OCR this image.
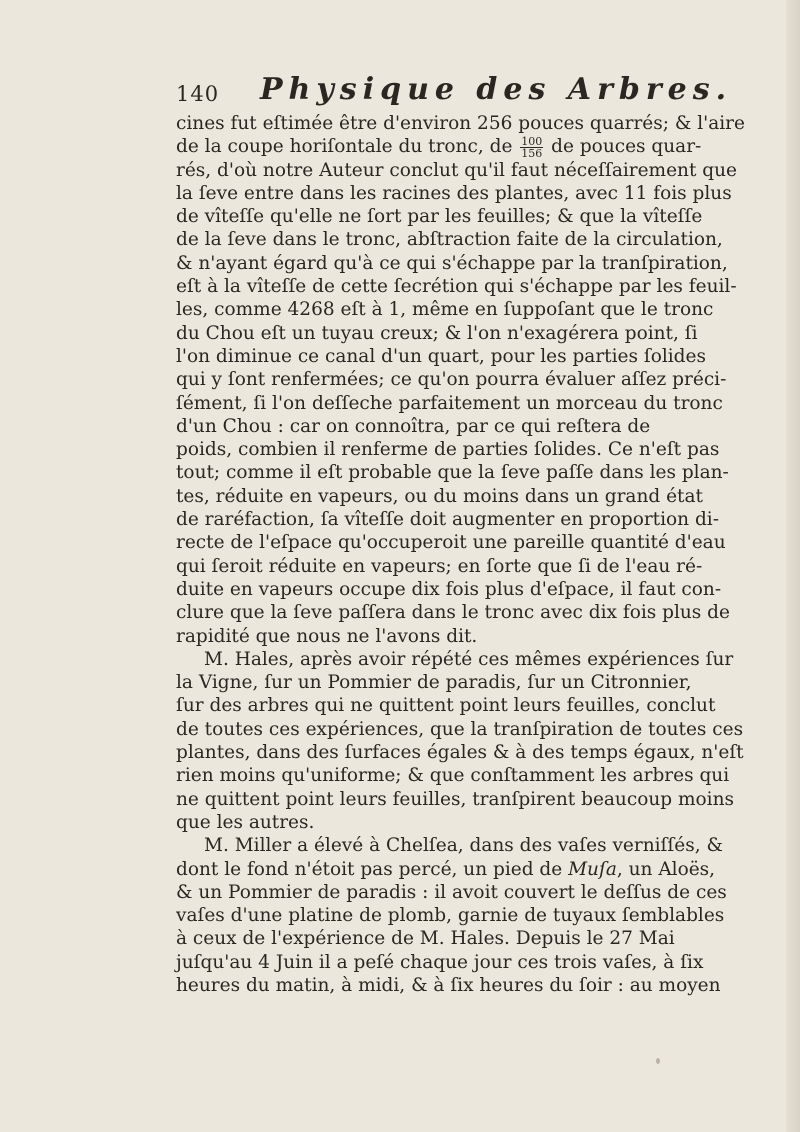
140 Physique des Arbres.
cines fut eſtimée être d'environ 256 pouces quarrés; & l'aire
de la coupe horiſontale du tronc, de $\frac{100}{156}$ de pouces quar-
rés, d'où notre Auteur conclut qu'il faut néceſſairement que
la ſeve entre dans les racines des plantes, avec 11 fois plus
de vîteſſe qu'elle ne ſort par les feuilles; & que la vîteſſe
de la ſeve dans le tronc, abſtraction faite de la circulation,
& n'ayant égard qu'à ce qui s'échappe par la tranſpiration,
eſt à la vîteſſe de cette ſecrétion qui s'échappe par les feuil-
les, comme 4268 eſt à 1, même en ſuppoſant que le tronc
du Chou eſt un tuyau creux; & l'on n'exagérera point, ſi
l'on diminue ce canal d'un quart, pour les parties ſolides
qui y ſont renfermées; ce qu'on pourra évaluer aſſez préci-
ſément, ſi l'on deſſeche parfaitement un morceau du tronc
d'un Chou : car on connoîtra, par ce qui reſtera de
poids, combien il renferme de parties ſolides. Ce n'eſt pas
tout; comme il eſt probable que la ſeve paſſe dans les plan-
tes, réduite en vapeurs, ou du moins dans un grand état
de raréfaction, ſa vîteſſe doit augmenter en proportion di-
recte de l'eſpace qu'occuperoit une pareille quantité d'eau
qui ſeroit réduite en vapeurs; en ſorte que ſi de l'eau ré-
duite en vapeurs occupe dix fois plus d'eſpace, il faut con-
clure que la ſeve paſſera dans le tronc avec dix fois plus de
rapidité que nous ne l'avons dit.
M. Hales, après avoir répété ces mêmes expériences ſur
la Vigne, ſur un Pommier de paradis, ſur un Citronnier,
ſur des arbres qui ne quittent point leurs feuilles, conclut
de toutes ces expériences, que la tranſpiration de toutes ces
plantes, dans des ſurfaces égales & à des temps égaux, n'eſt
rien moins qu'uniforme; & que conſtamment les arbres qui
ne quittent point leurs feuilles, tranſpirent beaucoup moins
que les autres.
M. Miller a élevé à Chelſea, dans des vaſes verniſſés, &
dont le fond n'étoit pas percé, un pied de Muſa, un Aloës,
& un Pommier de paradis : il avoit couvert le deſſus de ces
vaſes d'une platine de plomb, garnie de tuyaux ſemblables
à ceux de l'expérience de M. Hales. Depuis le 27 Mai
juſqu'au 4 Juin il a peſé chaque jour ces trois vaſes, à ſix
heures du matin, à midi, & à ſix heures du ſoir : au moyen
